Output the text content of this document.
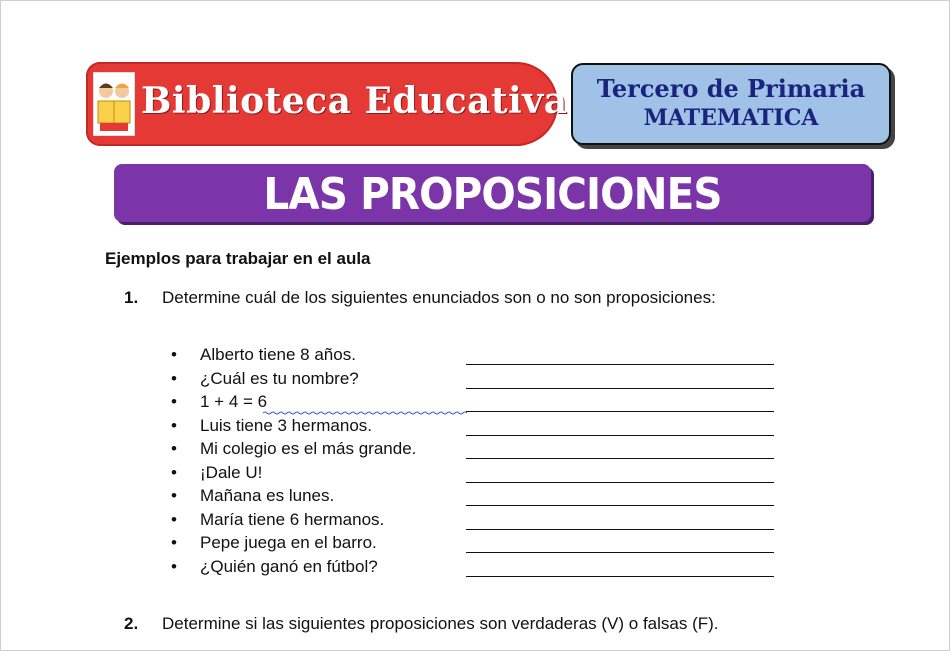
Biblioteca Educativa	Tercero de Primaria
MATEMATICA
LAS PROPOSICIONES
Ejemplos para trabajar en el aula
1. Determine cuál de los siguientes enunciados son o no son proposiciones:
• Alberto tiene 8 años.
• ¿Cuál es tu nombre?
• 1 + 4 = 6
• Luis tiene 3 hermanos.
• Mi colegio es el más grande.
• ¡Dale U!
• Mañana es lunes.
• María tiene 6 hermanos.
• Pepe juega en el barro.
• ¿Quién ganó en fútbol?
2. Determine si las siguientes proposiciones son verdaderas (V) o falsas (F).
